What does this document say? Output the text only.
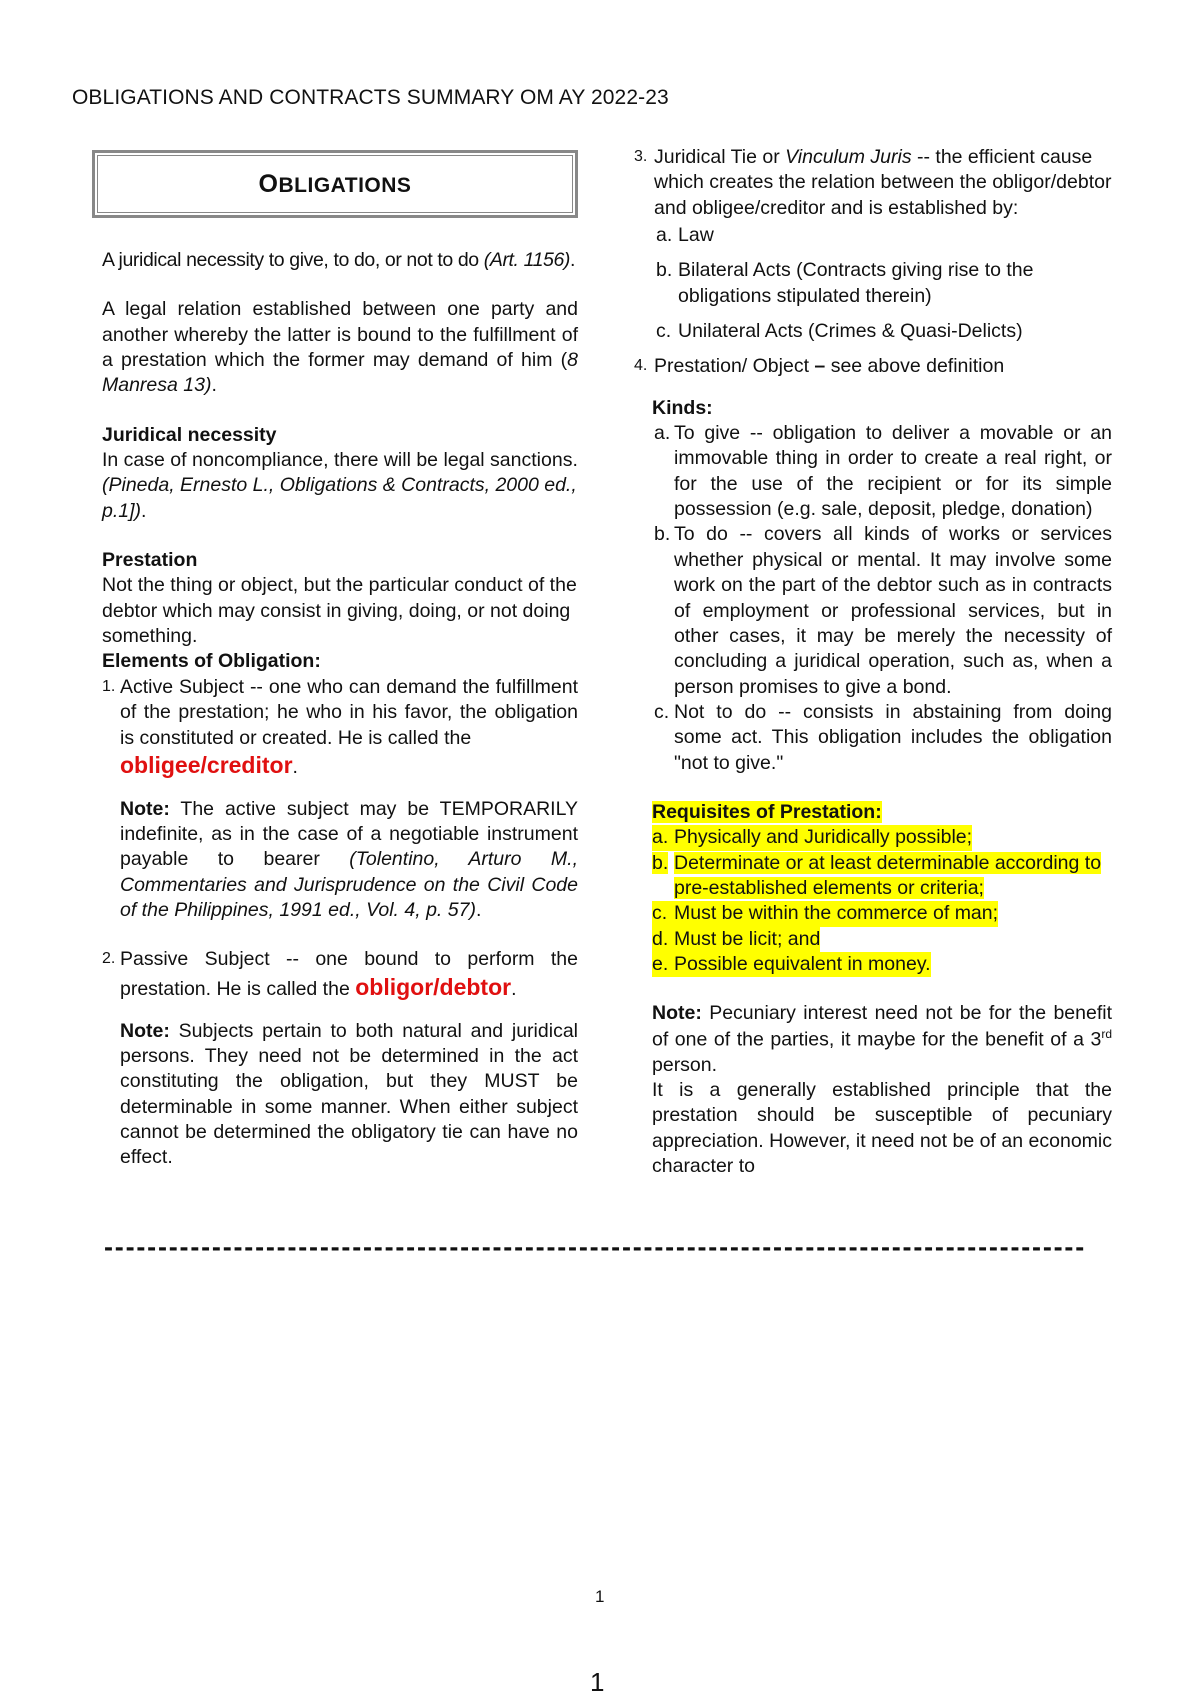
OBLIGATIONS AND CONTRACTS SUMMARY OM AY 2022-23
OBLIGATIONS

A juridical necessity to give, to do, or not to do (Art. 1156).

A legal relation established between one party and another whereby the latter is bound to the fulfillment of a prestation which the former may demand of him (8 Manresa 13).

Juridical necessity

In case of noncompliance, there will be legal sanctions. (Pineda, Ernesto L., Obligations & Contracts, 2000 ed., p.1]).

Prestation

Not the thing or object, but the particular conduct of the debtor which may consist in giving, doing, or not doing something.

Elements of Obligation:

1. Active Subject -- one who can demand the fulfillment of the prestation; he who in his favor, the obligation is constituted or created. He is called the
obligee/creditor.

Note: The active subject may be TEMPORARILY indefinite, as in the case of a negotiable instrument payable to bearer (Tolentino, Arturo M., Commentaries and Jurisprudence on the Civil Code of the Philippines, 1991 ed., Vol. 4, p. 57).

2. Passive Subject -- one bound to perform the prestation. He is called the obligor/debtor.

Note: Subjects pertain to both natural and juridical persons. They need not be determined in the act constituting the obligation, but they MUST be determinable in some manner. When either subject cannot be determined the obligatory tie can have no effect.

3. Juridical Tie or Vinculum Juris -- the efficient cause which creates the relation between the obligor/debtor and obligee/creditor and is established by:

a. Law
b. Bilateral Acts (Contracts giving rise to the obligations stipulated therein)
c. Unilateral Acts (Crimes & Quasi-Delicts)
4. Prestation/ Object – see above definition

Kinds:

a. To give -- obligation to deliver a movable or an immovable thing in order to create a real right, or for the use of the recipient or for its simple possession (e.g. sale, deposit, pledge, donation)
b. To do -- covers all kinds of works or services whether physical or mental. It may involve some work on the part of the debtor such as in contracts of employment or professional services, but in other cases, it may be merely the necessity of concluding a juridical operation, such as, when a person promises to give a bond.
c. Not to do -- consists in abstaining from doing some act. This obligation includes the obligation "not to give."

Requisites of Prestation:

a. Physically and Juridically possible;
b. Determinate or at least determinable according to pre-established elements or criteria;
c. Must be within the commerce of man;
d. Must be licit; and
e. Possible equivalent in money.

Note: Pecuniary interest need not be for the benefit of one of the parties, it maybe for the benefit of a 3rd person.

It is a generally established principle that the prestation should be susceptible of pecuniary appreciation. However, it need not be of an economic character to

-------------------------------------------------------------------------------------------
1
1
